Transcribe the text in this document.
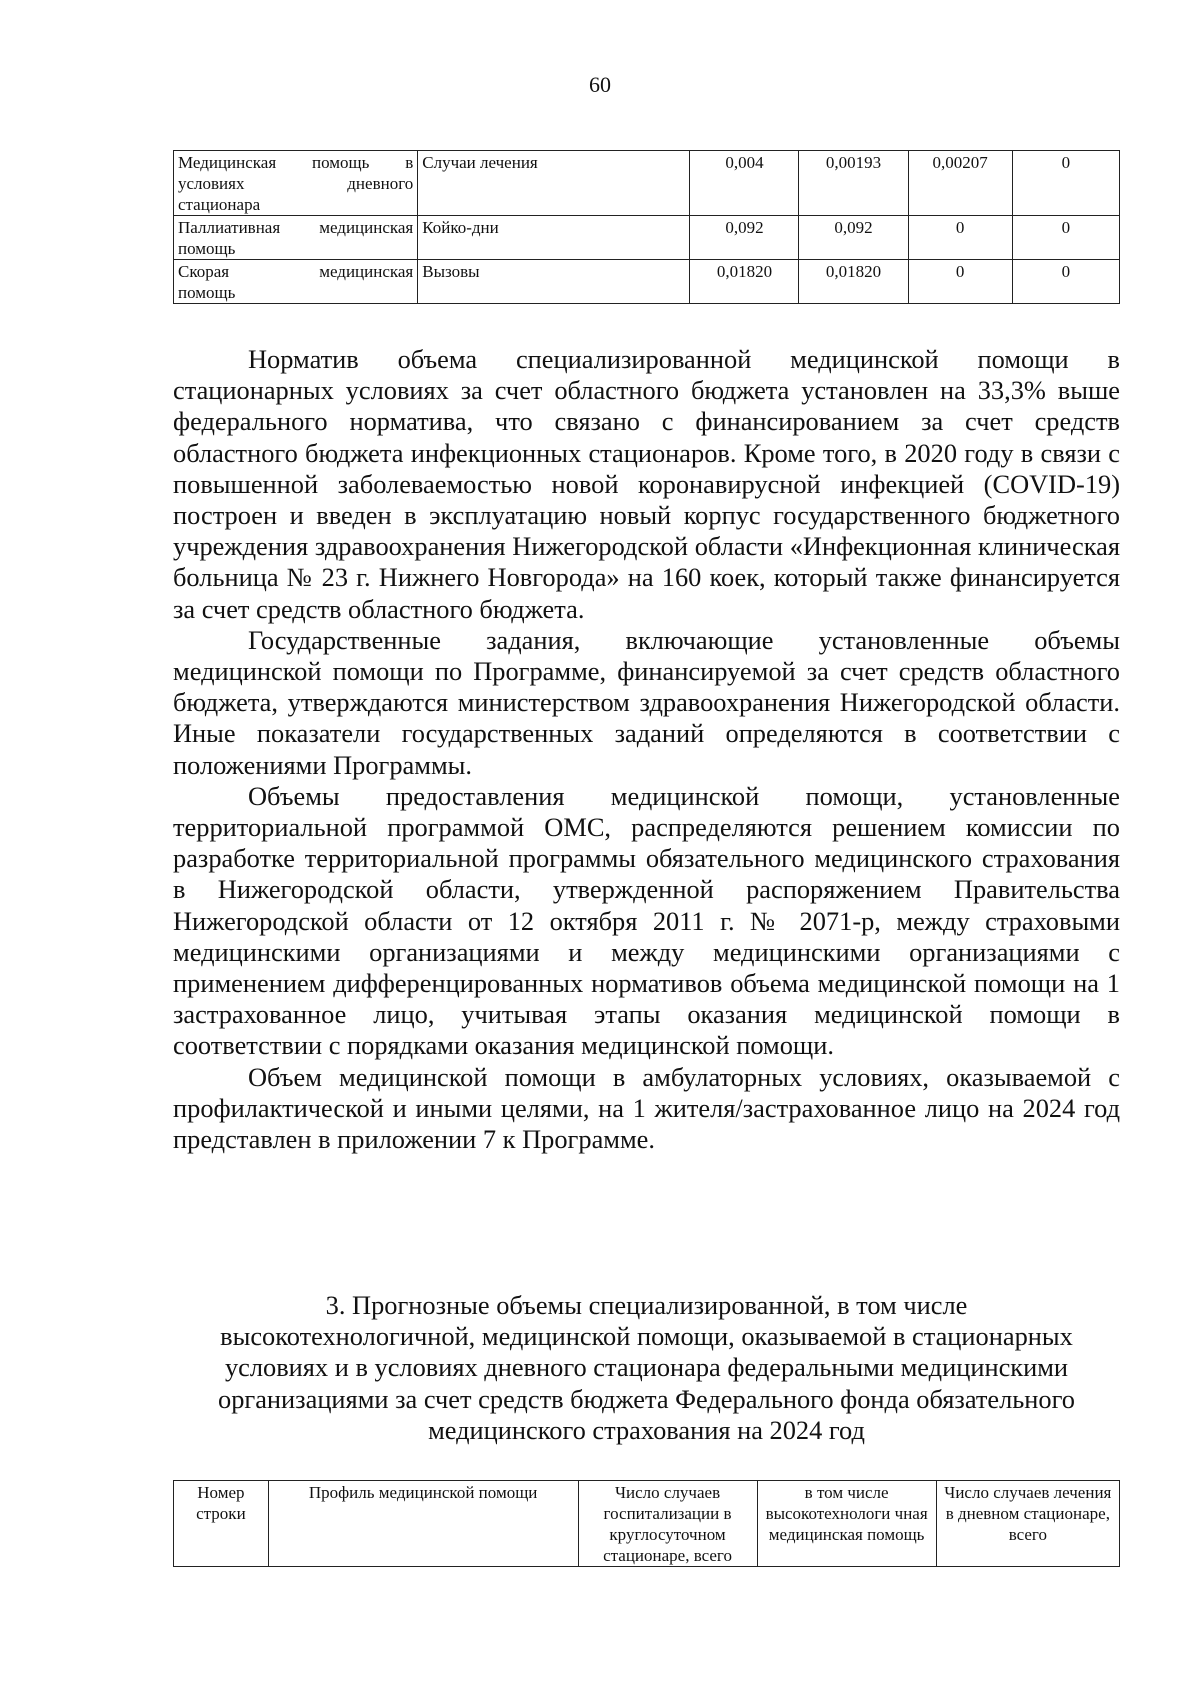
60
Медицинская помощь в условиях дневного
стационара	Случаи лечения	0,004	0,00193	0,00207	0
Паллиативная медицинская
помощь	Койко-дни	0,092	0,092	0	0
Скорая медицинская
помощь	Вызовы	0,01820	0,01820	0	0

Норматив объема специализированной медицинской помощи в стационарных условиях за счет областного бюджета установлен на 33,3% выше федерального норматива, что связано с финансированием за счет средств областного бюджета инфекционных стационаров. Кроме того, в 2020 году в связи с повышенной заболеваемостью новой коронавирусной инфекцией (COVID-19) построен и введен в эксплуатацию новый корпус государственного бюджетного учреждения здравоохранения Нижегородской области «Инфекционная клиническая больница № 23 г. Нижнего Новгорода» на 160 коек, который также финансируется за счет средств областного бюджета.

Государственные задания, включающие установленные объемы медицинской помощи по Программе, финансируемой за счет средств областного бюджета, утверждаются министерством здравоохранения Нижегородской области. Иные показатели государственных заданий определяются в соответствии с положениями Программы.

Объемы предоставления медицинской помощи, установленные территориальной программой ОМС, распределяются решением комиссии по разработке территориальной программы обязательного медицинского страхования в Нижегородской области, утвержденной распоряжением Правительства Нижегородской области от 12 октября 2011 г. № 2071-р, между страховыми медицинскими организациями и между медицинскими организациями с применением дифференцированных нормативов объема медицинской помощи на 1 застрахованное лицо, учитывая этапы оказания медицинской помощи в соответствии с порядками оказания медицинской помощи.

Объем медицинской помощи в амбулаторных условиях, оказываемой с профилактической и иными целями, на 1 жителя/застрахованное лицо на 2024 год представлен в приложении 7 к Программе.

3. Прогнозные объемы специализированной, в том числе
высокотехнологичной, медицинской помощи, оказываемой в стационарных
условиях и в условиях дневного стационара федеральными медицинскими
организациями за счет средств бюджета Федерального фонда обязательного
медицинского страхования на 2024 год
Номер строки	Профиль медицинской помощи	Число случаев госпитализации в круглосуточном стационаре, всего	в том числе высокотехнологи чная медицинская помощь	Число случаев лечения в дневном стационаре, всего
